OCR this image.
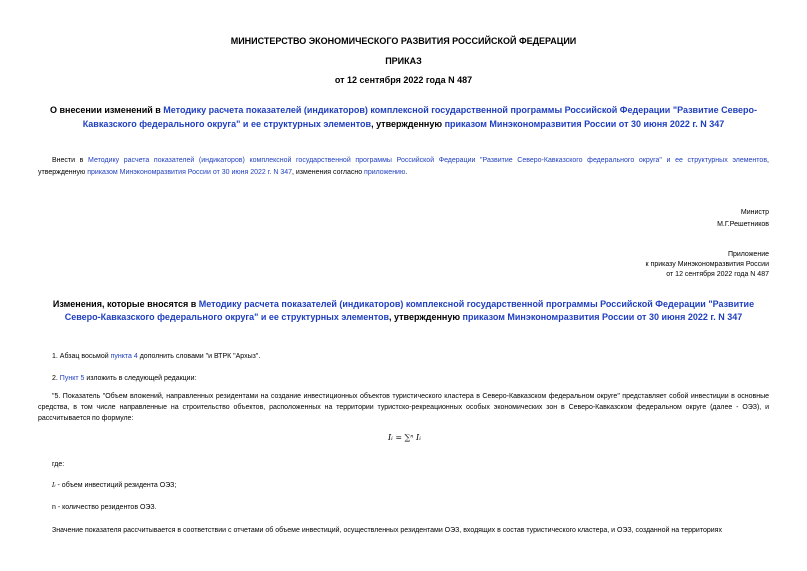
МИНИСТЕРСТВО ЭКОНОМИЧЕСКОГО РАЗВИТИЯ РОССИЙСКОЙ ФЕДЕРАЦИИ
ПРИКАЗ
от 12 сентября 2022 года N 487
О внесении изменений в Методику расчета показателей (индикаторов) комплексной государственной программы Российской Федерации "Развитие Северо-Кавказского федерального округа" и ее структурных элементов, утвержденную приказом Минэкономразвития России от 30 июня 2022 г. N 347
Внести в Методику расчета показателей (индикаторов) комплексной государственной программы Российской Федерации "Развитие Северо-Кавказского федерального округа" и ее структурных элементов, утвержденную приказом Минэкономразвития России от 30 июня 2022 г. N 347, изменения согласно приложению.
Министр
М.Г.Решетников
Приложение
к приказу Минэкономразвития России
от 12 сентября 2022 года N 487
Изменения, которые вносятся в Методику расчета показателей (индикаторов) комплексной государственной программы Российской Федерации "Развитие Северо-Кавказского федерального округа" и ее структурных элементов, утвержденную приказом Минэкономразвития России от 30 июня 2022 г. N 347
1. Абзац восьмой пункта 4 дополнить словами "и ВТРК "Архыз".
2. Пункт 5 изложить в следующей редакции:
"5. Показатель "Объем вложений, направленных резидентами на создание инвестиционных объектов туристического кластера в Северо-Кавказском федеральном округе" представляет собой инвестиции в основные средства, в том числе направленные на строительство объектов, расположенных на территории туристско-рекреационных особых экономических зон в Северо-Кавказском федеральном округе (далее - ОЭЗ), и рассчитывается по формуле:
Iᵢ = ∑ⁿ Iᵢ
где:
Iᵢ - объем инвестиций резидента ОЭЗ;
n - количество резидентов ОЭЗ.
Значение показателя рассчитывается в соответствии с отчетами об объеме инвестиций, осуществленных резидентами ОЭЗ, входящих в состав туристического кластера, и ОЭЗ, созданной на территориях
